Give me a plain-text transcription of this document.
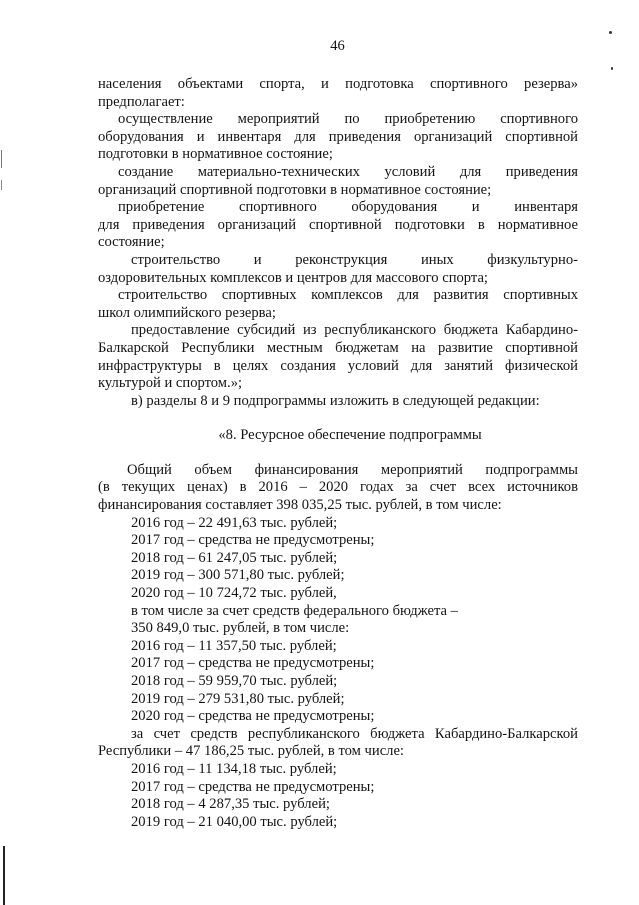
46

населения объектами спорта, и подготовка спортивного резерва»

предполагает:

осуществление мероприятий по приобретению спортивного

оборудования и инвентаря для приведения организаций спортивной

подготовки в нормативное состояние;

создание материально-технических условий для приведения

организаций спортивной подготовки в нормативное состояние;

приобретение спортивного оборудования и инвентаря

для приведения организаций спортивной подготовки в нормативное

состояние;

строительство и реконструкция иных физкультурно-

оздоровительных комплексов и центров для массового спорта;

строительство спортивных комплексов для развития спортивных

школ олимпийского резерва;

предоставление субсидий из республиканского бюджета Кабардино-

Балкарской Республики местным бюджетам на развитие спортивной

инфраструктуры в целях создания условий для занятий физической

культурой и спортом.»;

в) разделы 8 и 9 подпрограммы изложить в следующей редакции:

«8. Ресурсное обеспечение подпрограммы

Общий объем финансирования мероприятий подпрограммы

(в текущих ценах) в 2016 – 2020 годах за счет всех источников

финансирования составляет 398 035,25 тыс. рублей, в том числе:

2016 год – 22 491,63 тыс. рублей;

2017 год – средства не предусмотрены;

2018 год – 61 247,05 тыс. рублей;

2019 год – 300 571,80 тыс. рублей;

2020 год – 10 724,72 тыс. рублей,

в том числе за счет средств федерального бюджета –

350 849,0 тыс. рублей, в том числе:

2016 год – 11 357,50 тыс. рублей;

2017 год – средства не предусмотрены;

2018 год – 59 959,70 тыс. рублей;

2019 год – 279 531,80 тыс. рублей;

2020 год – средства не предусмотрены;

за счет средств республиканского бюджета Кабардино-Балкарской

Республики – 47 186,25 тыс. рублей, в том числе:

2016 год – 11 134,18 тыс. рублей;

2017 год – средства не предусмотрены;

2018 год – 4 287,35 тыс. рублей;

2019 год – 21 040,00 тыс. рублей;
